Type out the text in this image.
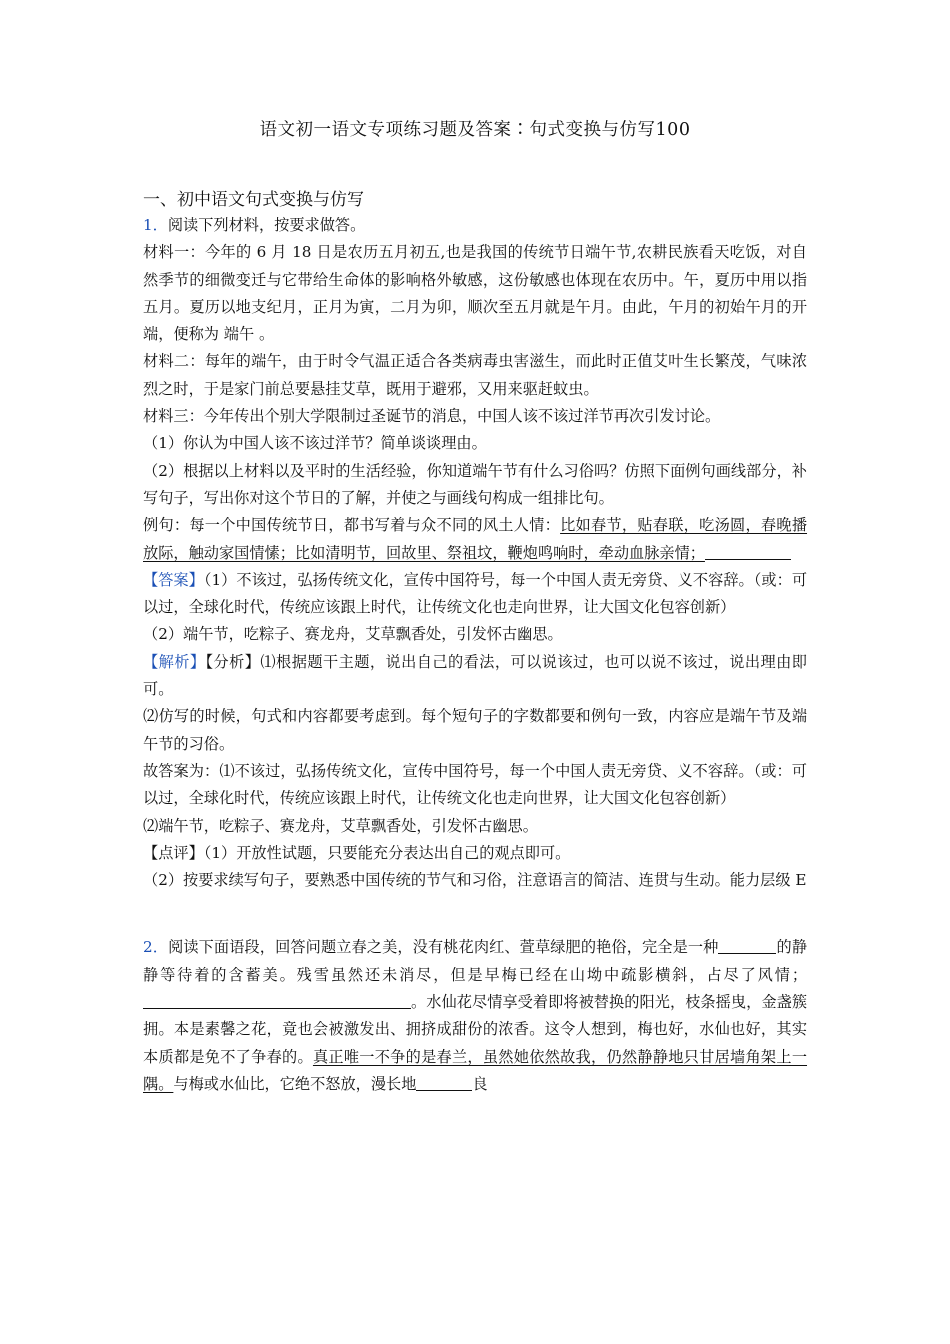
语文初一语文专项练习题及答案∶句式变换与仿写100
一、初中语文句式变换与仿写

1．阅读下列材料，按要求做答。

材料一：今年的 6 月 18 日是农历五月初五,也是我国的传统节日端午节,农耕民族看天吃饭，对自然季节的细微变迁与它带给生命体的影响格外敏感，这份敏感也体现在农历中。午，夏历中用以指五月。夏历以地支纪月，正月为寅，二月为卯，顺次至五月就是午月。由此，午月的初始午月的开端，便称为 端午 。

材料二：每年的端午，由于时令气温正适合各类病毒虫害滋生，而此时正值艾叶生长繁茂，气味浓烈之时，于是家门前总要悬挂艾草，既用于避邪，又用来驱赶蚊虫。

材料三：今年传出个别大学限制过圣诞节的消息，中国人该不该过洋节再次引发讨论。

（1）你认为中国人该不该过洋节？简单谈谈理由。

（2）根据以上材料以及平时的生活经验，你知道端午节有什么习俗吗？仿照下面例句画线部分，补写句子，写出你对这个节日的了解，并使之与画线句构成一组排比句。

例句：每一个中国传统节日，都书写着与众不同的风土人情：比如春节，贴春联，吃汤圆，春晚播放际，触动家国情愫；比如清明节，回故里、祭祖坟，鞭炮鸣响时，牵动血脉亲情；

【答案】（1）不该过，弘扬传统文化，宣传中国符号，每一个中国人责无旁贷、义不容辞。（或：可以过，全球化时代，传统应该跟上时代，让传统文化也走向世界，让大国文化包容创新）

（2）端午节，吃粽子、赛龙舟，艾草飘香处，引发怀古幽思。

【解析】【分析】⑴根据题干主题，说出自己的看法，可以说该过，也可以说不该过，说出理由即可。

⑵仿写的时候，句式和内容都要考虑到。每个短句子的字数都要和例句一致，内容应是端午节及端午节的习俗。

故答案为：⑴不该过，弘扬传统文化，宣传中国符号，每一个中国人责无旁贷、义不容辞。（或：可以过，全球化时代，传统应该跟上时代，让传统文化也走向世界，让大国文化包容创新）

⑵端午节，吃粽子、赛龙舟，艾草飘香处，引发怀古幽思。

【点评】（1）开放性试题，只要能充分表达出自己的观点即可。

（2）按要求续写句子，要熟悉中国传统的节气和习俗，注意语言的简洁、连贯与生动。能力层级 E

2．阅读下面语段，回答问题立春之美，没有桃花肉红、萱草绿肥的艳俗，完全是一种	的静静等待着的含蓄美。残雪虽然还未消尽，但是早梅已经在山坳中疏影横斜，占尽了风情；。水仙花尽情享受着即将被替换的阳光，枝条摇曳，金盏簇拥。本是素馨之花，竟也会被激发出、拥挤成甜份的浓香。这令人想到，梅也好，水仙也好，其实本质都是免不了争春的。真正唯一不争的是春兰，虽然她依然故我，仍然静静地只甘居墙角架上一隅。与梅或水仙比，它绝不怒放，漫长地	良
